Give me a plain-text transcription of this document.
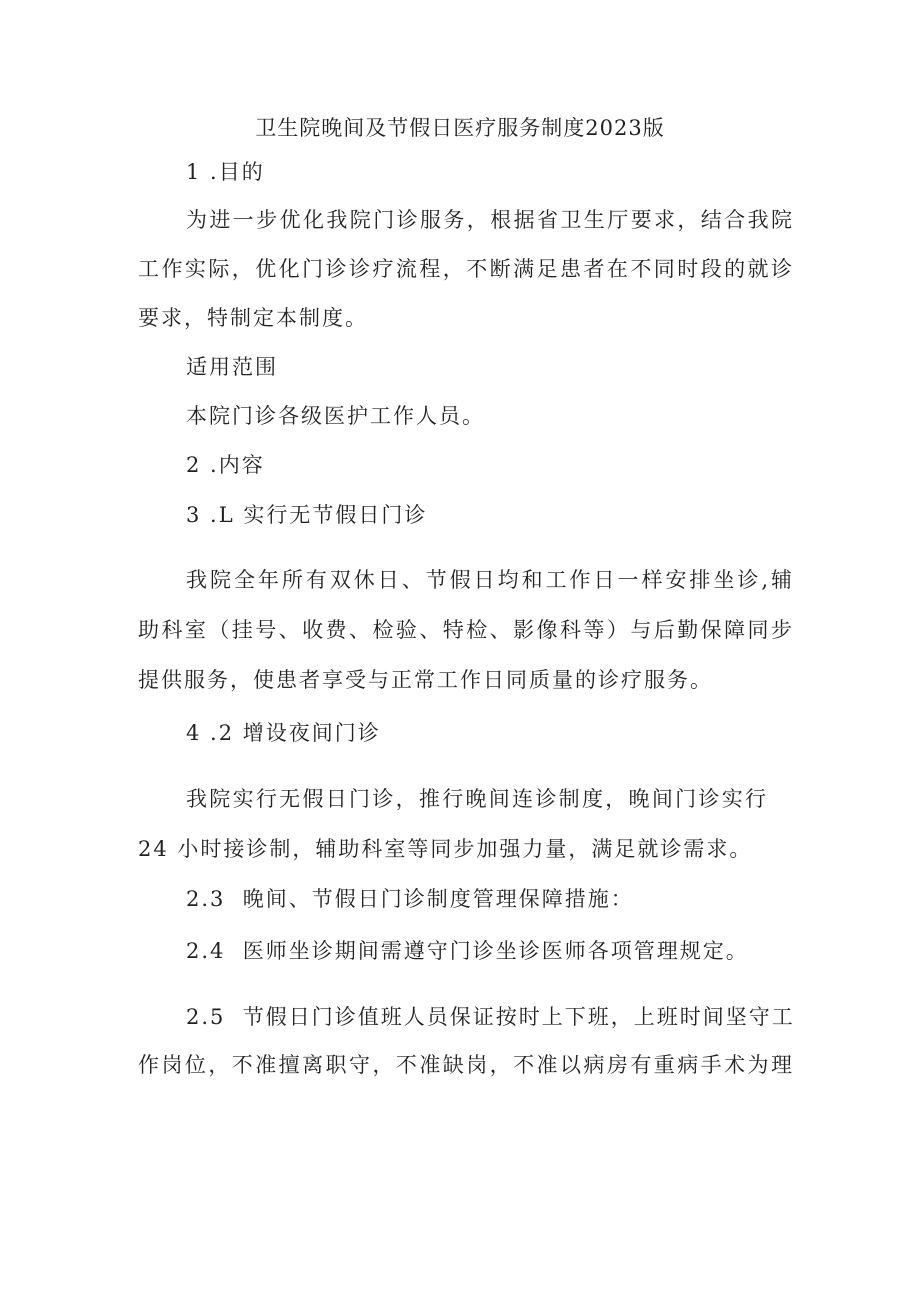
卫生院晚间及节假日医疗服务制度2023版
1 .目的
为进一步优化我院门诊服务，根据省卫生厅要求，结合我院
工作实际，优化门诊诊疗流程，不断满足患者在不同时段的就诊
要求，特制定本制度。
适用范围
本院门诊各级医护工作人员。
2 .内容
3 .L 实行无节假日门诊
我院全年所有双休日、节假日均和工作日一样安排坐诊,辅
助科室（挂号、收费、检验、特检、影像科等）与后勤保障同步
提供服务，使患者享受与正常工作日同质量的诊疗服务。
4 .2 增设夜间门诊
我院实行无假日门诊，推行晚间连诊制度，晚间门诊实行
24 小时接诊制，辅助科室等同步加强力量，满足就诊需求。
2.3 晚间、节假日门诊制度管理保障措施：
2.4 医师坐诊期间需遵守门诊坐诊医师各项管理规定。
2.5 节假日门诊值班人员保证按时上下班，上班时间坚守工
作岗位，不准擅离职守，不准缺岗，不准以病房有重病手术为理
